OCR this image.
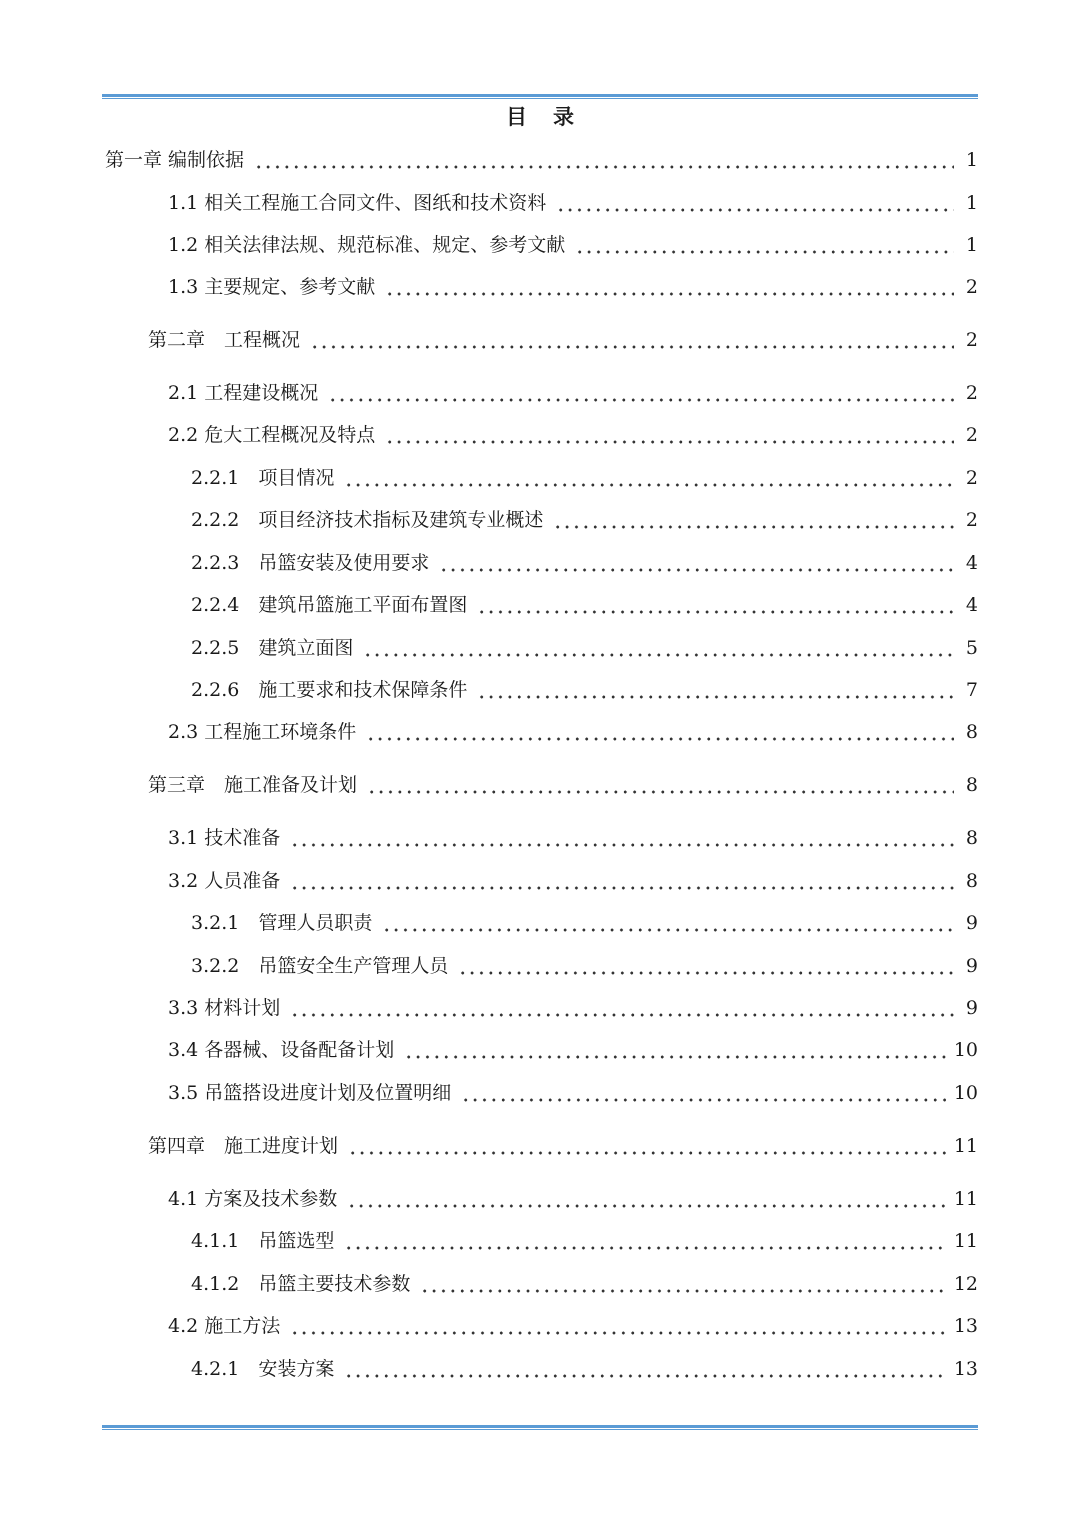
目 录
第一章 编制依据	1
1.1 相关工程施工合同文件、图纸和技术资料	1
1.2 相关法律法规、规范标准、规定、参考文献	1
1.3 主要规定、参考文献	2
第二章　工程概况	2
2.1 工程建设概况	2
2.2 危大工程概况及特点	2
2.2.1　项目情况	2
2.2.2　项目经济技术指标及建筑专业概述	2
2.2.3　吊篮安装及使用要求	4
2.2.4　建筑吊篮施工平面布置图	4
2.2.5　建筑立面图	5
2.2.6　施工要求和技术保障条件	7
2.3 工程施工环境条件	8
第三章　施工准备及计划	8
3.1 技术准备	8
3.2 人员准备	8
3.2.1　管理人员职责	9
3.2.2　吊篮安全生产管理人员	9
3.3 材料计划	9
3.4 各器械、设备配备计划	10
3.5 吊篮搭设进度计划及位置明细	10
第四章　施工进度计划	11
4.1 方案及技术参数	11
4.1.1　吊篮选型	11
4.1.2　吊篮主要技术参数	12
4.2 施工方法	13
4.2.1　安装方案	13
